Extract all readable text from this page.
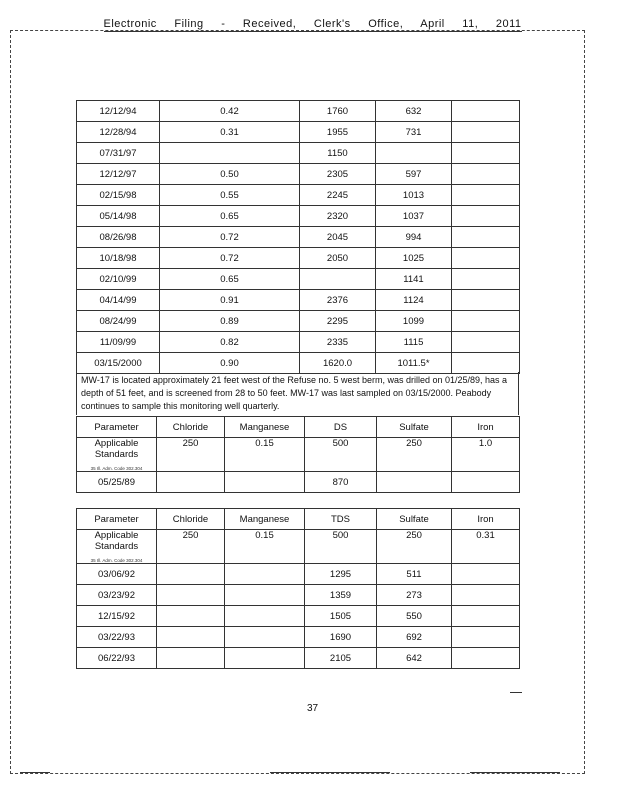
Electronic Filing - Received, Clerk's Office, April 11, 2011
12/12/94	0.42	1760	632	
12/28/94	0.31	1955	731	
07/31/97		1150		
12/12/97	0.50	2305	597	
02/15/98	0.55	2245	1013	
05/14/98	0.65	2320	1037	
08/26/98	0.72	2045	994	
10/18/98	0.72	2050	1025	
02/10/99	0.65		1141	
04/14/99	0.91	2376	1124	
08/24/99	0.89	2295	1099	
11/09/99	0.82	2335	1115	
03/15/2000	0.90	1620.0	1011.5*	
MW-17 is located approximately 21 feet west of the Refuse no. 5 west berm, was drilled on 01/25/89, has a depth of 51 feet, and is screened from 28 to 50 feet. MW-17 was last sampled on 03/15/2000. Peabody continues to sample this monitoring well quarterly.
Parameter	Chloride	Manganese	DS	Sulfate	Iron

Applicable Standards
35 Ill. Adm. Code 302.304	250	0.15	500	250	1.0
05/25/89			870		
Parameter	Chloride	Manganese	TDS	Sulfate	Iron

Applicable Standards
35 Ill. Adm. Code 302.304	250	0.15	500	250	0.31
03/06/92			1295	511	
03/23/92			1359	273	
12/15/92			1505	550	
03/22/93			1690	692	
06/22/93			2105	642	
37
